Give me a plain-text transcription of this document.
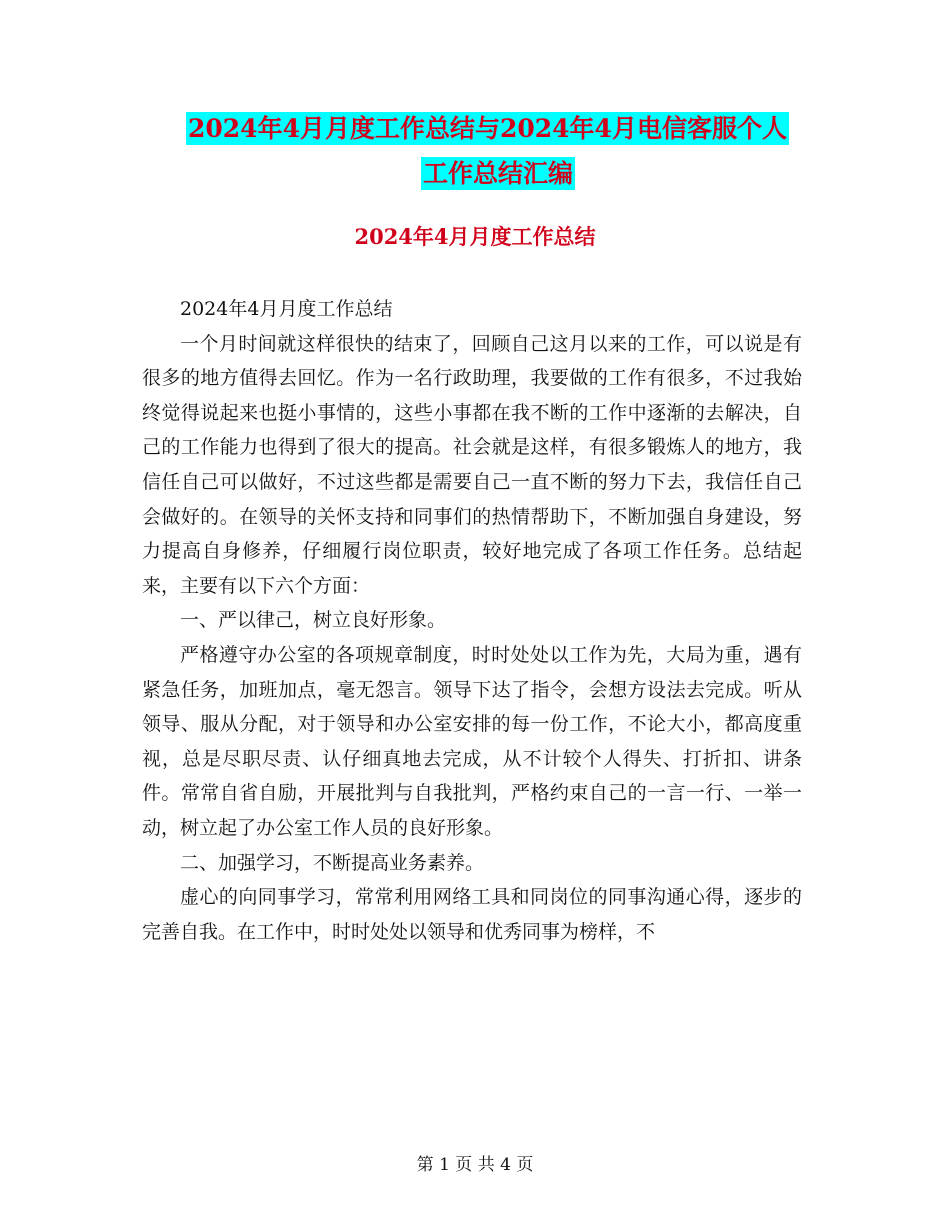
2024年4月月度工作总结与2024年4月电信客服个人
工作总结汇编
2024年4月月度工作总结

2024年4月月度工作总结

一个月时间就这样很快的结束了，回顾自己这月以来的工作，可以说是有很多的地方值得去回忆。作为一名行政助理，我要做的工作有很多，不过我始终觉得说起来也挺小事情的，这些小事都在我不断的工作中逐渐的去解决，自己的工作能力也得到了很大的提高。社会就是这样，有很多锻炼人的地方，我信任自己可以做好，不过这些都是需要自己一直不断的努力下去，我信任自己会做好的。在领导的关怀支持和同事们的热情帮助下，不断加强自身建设，努力提高自身修养，仔细履行岗位职责，较好地完成了各项工作任务。总结起来，主要有以下六个方面：

一、严以律己，树立良好形象。

严格遵守办公室的各项规章制度，时时处处以工作为先，大局为重，遇有紧急任务，加班加点，毫无怨言。领导下达了指令，会想方设法去完成。听从领导、服从分配，对于领导和办公室安排的每一份工作，不论大小，都高度重视，总是尽职尽责、认仔细真地去完成，从不计较个人得失、打折扣、讲条件。常常自省自励，开展批判与自我批判，严格约束自己的一言一行、一举一动，树立起了办公室工作人员的良好形象。

二、加强学习，不断提高业务素养。

虚心的向同事学习，常常利用网络工具和同岗位的同事沟通心得，逐步的完善自我。在工作中，时时处处以领导和优秀同事为榜样，不

第 1 页 共 4 页
